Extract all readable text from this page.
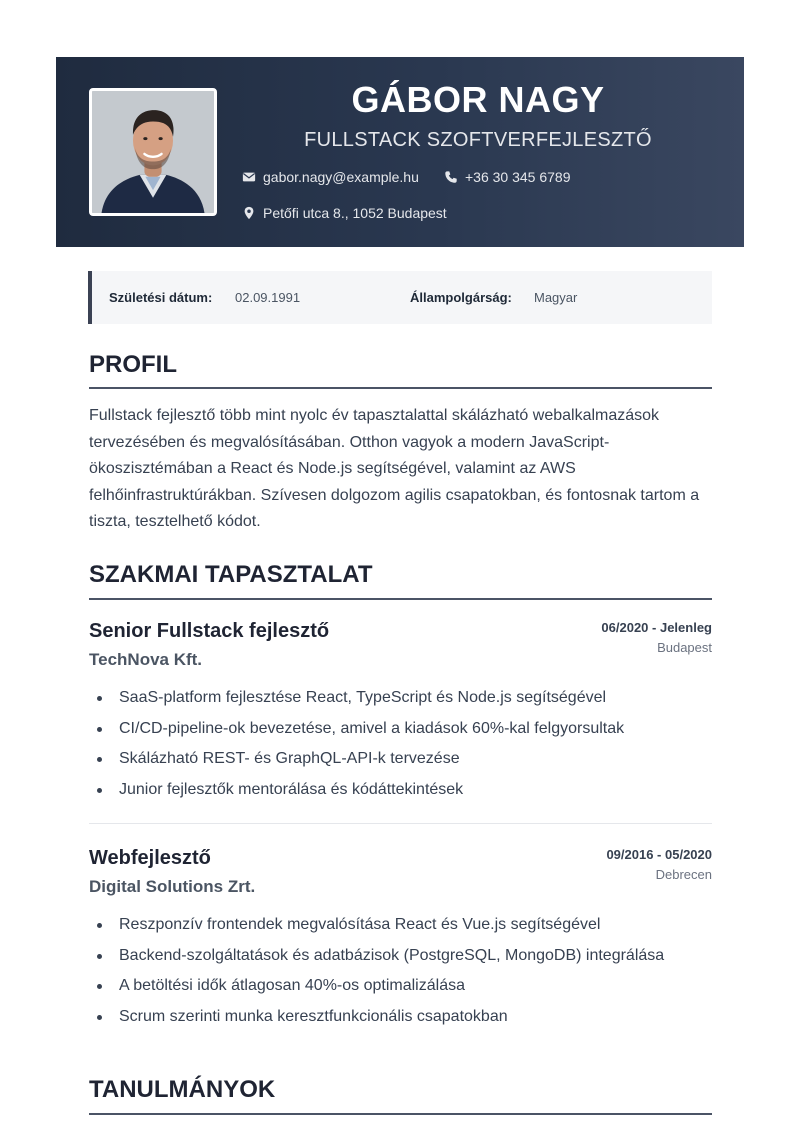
GÁBOR NAGY
FULLSTACK SZOFTVERFEJLESZTŐ
gabor.nagy@example.hu	+36 30 345 6789
Petőfi utca 8., 1052 Budapest
Születési dátum: 02.09.1991	Állampolgárság: Magyar
PROFIL

Fullstack fejlesztő több mint nyolc év tapasztalattal skálázható webalkalmazások tervezésében és megvalósításában. Otthon vagyok a modern JavaScript-ökoszisztémában a React és Node.js segítségével, valamint az AWS felhőinfrastruktúrákban. Szívesen dolgozom agilis csapatokban, és fontosnak tartom a tiszta, tesztelhető kódot.

SZAKMAI TAPASZTALAT
Senior Fullstack fejlesztő	06/2020 - Jelenleg
TechNova Kft.
Budapest
SaaS-platform fejlesztése React, TypeScript és Node.js segítségével
CI/CD-pipeline-ok bevezetése, amivel a kiadások 60%-kal felgyorsultak
Skálázható REST- és GraphQL-API-k tervezése
Junior fejlesztők mentorálása és kódáttekintések
Webfejlesztő	09/2016 - 05/2020
Digital Solutions Zrt.
Debrecen
Reszponzív frontendek megvalósítása React és Vue.js segítségével
Backend-szolgáltatások és adatbázisok (PostgreSQL, MongoDB) integrálása
A betöltési idők átlagosan 40%-os optimalizálása
Scrum szerinti munka keresztfunkcionális csapatokban
TANULMÁNYOK
